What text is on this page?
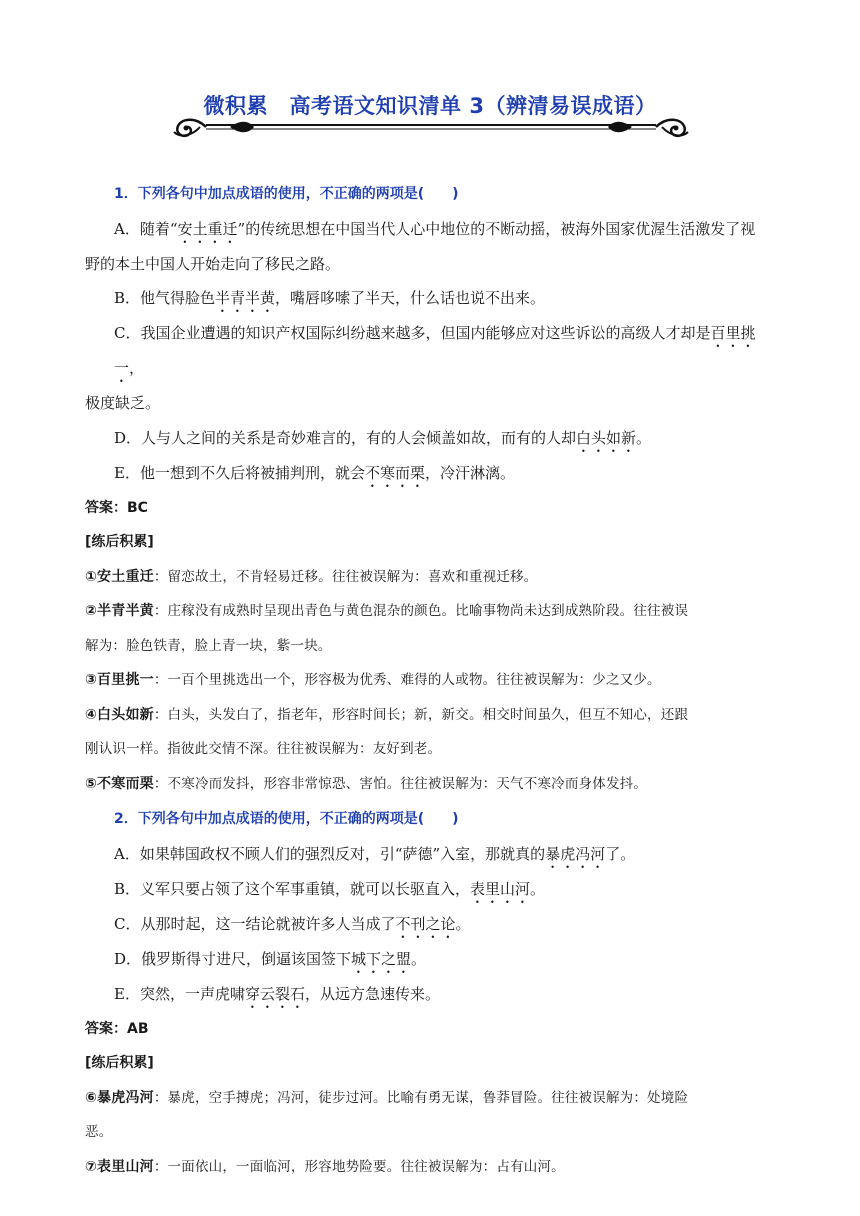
微积累　高考语文知识清单 3（辨清易误成语）

1．下列各句中加点成语的使用，不正确的两项是(　　)

A．随着“安土重迁”的传统思想在中国当代人心中地位的不断动摇，被海外国家优渥生活激发了视

野的本土中国人开始走向了移民之路。

B．他气得脸色半青半黄，嘴唇哆嗦了半天，什么话也说不出来。

C．我国企业遭遇的知识产权国际纠纷越来越多，但国内能够应对这些诉讼的高级人才却是百里挑一，

极度缺乏。

D．人与人之间的关系是奇妙难言的，有的人会倾盖如故，而有的人却白头如新。

E．他一想到不久后将被捕判刑，就会不寒而栗，冷汗淋漓。

答案：BC

[练后积累]

①安土重迁：留恋故土，不肯轻易迁移。往往被误解为：喜欢和重视迁移。

②半青半黄：庄稼没有成熟时呈现出青色与黄色混杂的颜色。比喻事物尚未达到成熟阶段。往往被误

解为：脸色铁青，脸上青一块，紫一块。

③百里挑一：一百个里挑选出一个，形容极为优秀、难得的人或物。往往被误解为：少之又少。

④白头如新：白头，头发白了，指老年，形容时间长；新，新交。相交时间虽久，但互不知心，还跟

刚认识一样。指彼此交情不深。往往被误解为：友好到老。

⑤不寒而栗：不寒冷而发抖，形容非常惊恐、害怕。往往被误解为：天气不寒冷而身体发抖。

2．下列各句中加点成语的使用，不正确的两项是(　　)

A．如果韩国政权不顾人们的强烈反对，引“萨德”入室，那就真的暴虎冯河了。

B．义军只要占领了这个军事重镇，就可以长驱直入，表里山河。

C．从那时起，这一结论就被许多人当成了不刊之论。

D．俄罗斯得寸进尺，倒逼该国签下城下之盟。

E．突然，一声虎啸穿云裂石，从远方急速传来。

答案：AB

[练后积累]

⑥暴虎冯河：暴虎，空手搏虎；冯河，徒步过河。比喻有勇无谋，鲁莽冒险。往往被误解为：处境险

恶。

⑦表里山河：一面依山，一面临河，形容地势险要。往往被误解为：占有山河。
